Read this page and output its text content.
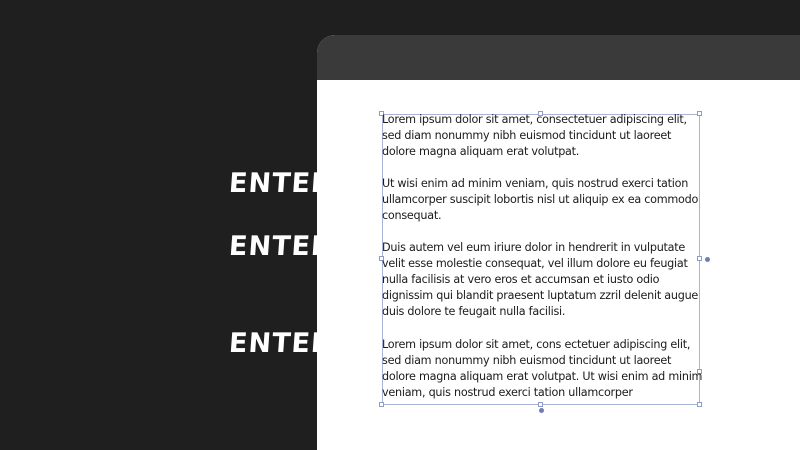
Lorem ipsum dolor sit amet, consectetuer adipiscing elit, sed diam nonummy nibh euismod tincidunt ut laoreet dolore magna aliquam erat volutpat.

Ut wisi enim ad minim veniam, quis nostrud exerci tation ullamcorper suscipit lobortis nisl ut aliquip ex ea commodo consequat.

Duis autem vel eum iriure dolor in hendrerit in vulputate velit esse molestie consequat, vel illum dolore eu feugiat nulla facilisis at vero eros et accumsan et iusto odio dignissim qui blandit praesent luptatum zzril delenit augue duis dolore te feugait nulla facilisi.

Lorem ipsum dolor sit amet, cons ectetuer adipiscing elit, sed diam nonummy nibh euismod tincidunt ut laoreet dolore magna aliquam erat volutpat. Ut wisi enim ad minim veniam, quis nostrud exerci tation ullamcorper

ENTER
ENTER
ENTER
